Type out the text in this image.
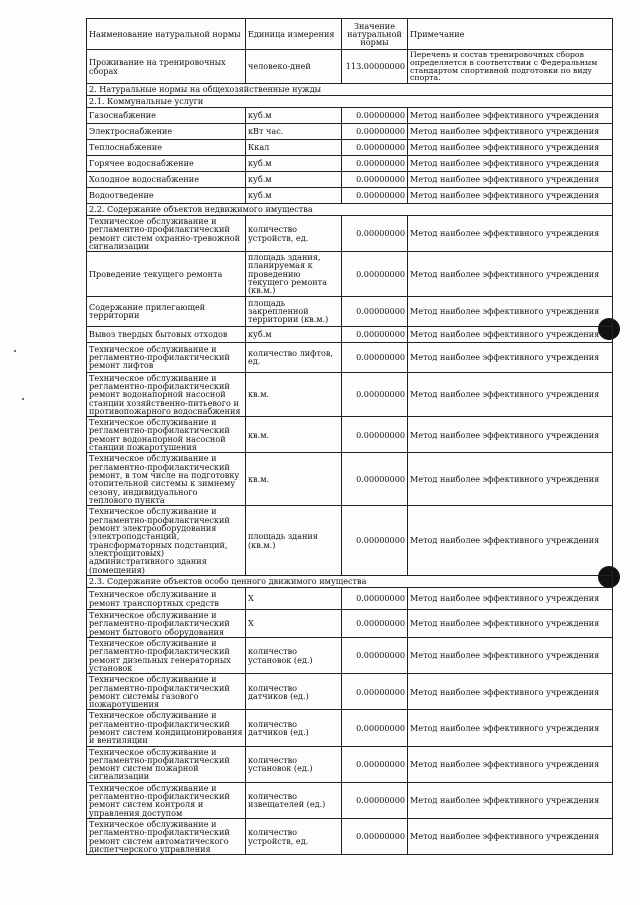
Наименование натуральной нормы	Единица измерения	Значение натуральной нормы	Примечание
Проживание на тренировочных сборах	человеко-дней	113.00000000	Перечень и состав тренировочных сборов определяется в соответствии с Федеральным стандартом спортивной подготовки по виду спорта.
2. Натуральные нормы на общехозяйственные нужды			
2.1. Коммунальные услуги			
Газоснабжение	куб.м	0.00000000	Метод наиболее эффективного учреждения
Электроснабжение	кВт час.	0.00000000	Метод наиболее эффективного учреждения
Теплоснабжение	Ккал	0.00000000	Метод наиболее эффективного учреждения
Горячее водоснабжение	куб.м	0.00000000	Метод наиболее эффективного учреждения
Холодное водоснабжение	куб.м	0.00000000	Метод наиболее эффективного учреждения
Водоотведение	куб.м	0.00000000	Метод наиболее эффективного учреждения
2.2. Содержание объектов недвижимого имущества			
Техническое обслуживание и регламентно-профилактический ремонт систем охранно-тревожной сигнализации	количество устройств, ед.	0.00000000	Метод наиболее эффективного учреждения
Проведение текущего ремонта	площадь здания, планируемая к проведению текущего ремонта (кв.м.)	0.00000000	Метод наиболее эффективного учреждения
Содержание прилегающей территории	площадь закрепленной территории (кв.м.)	0.00000000	Метод наиболее эффективного учреждения
Вывоз твердых бытовых отходов	куб.м	0.00000000	Метод наиболее эффективного учреждения
Техническое обслуживание и регламентно-профилактический ремонт лифтов	количество лифтов, ед.	0.00000000	Метод наиболее эффективного учреждения
Техническое обслуживание и регламентно-профилактический ремонт водонапорной насосной станции хозяйственно-питьевого и противопожарного водоснабжения	кв.м.	0.00000000	Метод наиболее эффективного учреждения
Техническое обслуживание и регламентно-профилактический ремонт водонапорной насосной станции пожаротушения	кв.м.	0.00000000	Метод наиболее эффективного учреждения
Техническое обслуживание и регламентно-профилактический ремонт, в том числе на подготовку отопительной системы к зимнему сезону, индивидуального теплового пункта	кв.м.	0.00000000	Метод наиболее эффективного учреждения
Техническое обслуживание и регламентно-профилактический ремонт электрооборудования (электроподстанций, трансформаторных подстанций, электрощитовых) административного здания (помещения)	площадь здания (кв.м.)	0.00000000	Метод наиболее эффективного учреждения
2.3. Содержание объектов особо ценного движимого имущества			
Техническое обслуживание и ремонт транспортных средств	Х	0.00000000	Метод наиболее эффективного учреждения
Техническое обслуживание и регламентно-профилактический ремонт бытового оборудования	Х	0.00000000	Метод наиболее эффективного учреждения
Техническое обслуживание и регламентно-профилактический ремонт дизельных генераторных установок	количество установок (ед.)	0.00000000	Метод наиболее эффективного учреждения
Техническое обслуживание и регламентно-профилактический ремонт системы газового пожаротушения	количество датчиков (ед.)	0.00000000	Метод наиболее эффективного учреждения
Техническое обслуживание и регламентно-профилактический ремонт систем кондиционирования и вентиляции	количество датчиков (ед.)	0.00000000	Метод наиболее эффективного учреждения
Техническое обслуживание и регламентно-профилактический ремонт систем пожарной сигнализации	количество установок (ед.)	0.00000000	Метод наиболее эффективного учреждения
Техническое обслуживание и регламентно-профилактический ремонт систем контроля и управления доступом	количество извещателей (ед.)	0.00000000	Метод наиболее эффективного учреждения
Техническое обслуживание и регламентно-профилактический ремонт систем автоматического диспетчерского управления	количество устройств, ед.	0.00000000	Метод наиболее эффективного учреждения
